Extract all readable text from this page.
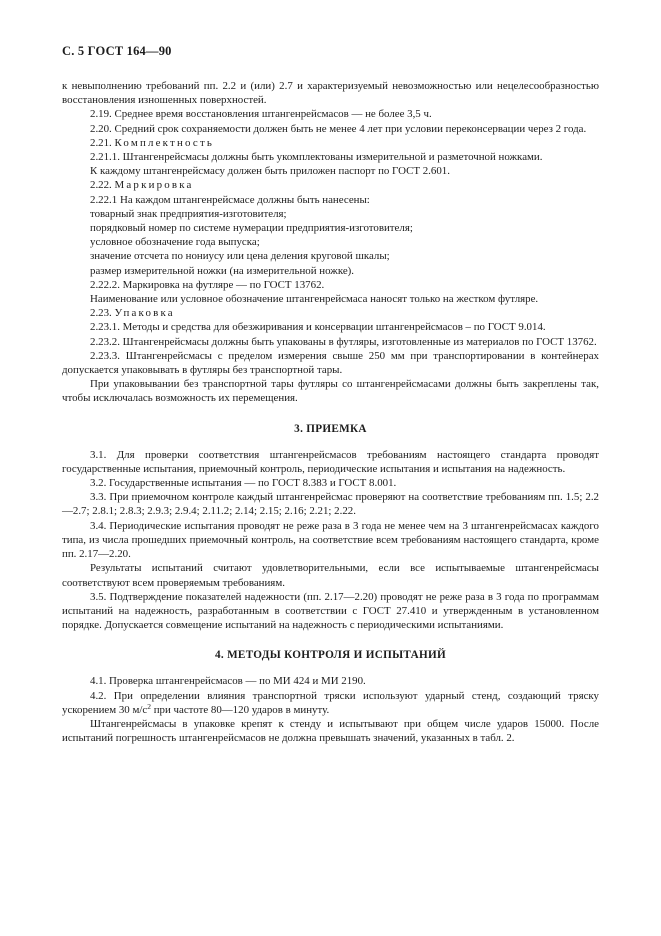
С. 5 ГОСТ 164—90

к невыполнению требований пп. 2.2 и (или) 2.7 и характеризуемый невозможностью или нецелесообразностью восстановления изношенных поверхностей.

2.19. Среднее время восстановления штангенрейсмасов — не более 3,5 ч.

2.20. Средний срок сохраняемости должен быть не менее 4 лет при условии переконсервации через 2 года.

2.21. Комплектность

2.21.1. Штангенрейсмасы должны быть укомплектованы измерительной и разметочной ножками.

К каждому штангенрейсмасу должен быть приложен паспорт по ГОСТ 2.601.

2.22. Маркировка

2.22.1 На каждом штангенрейсмасе должны быть нанесены:

товарный знак предприятия-изготовителя;

порядковый номер по системе нумерации предприятия-изготовителя;

условное обозначение года выпуска;

значение отсчета по нониусу или цена деления круговой шкалы;

размер измерительной ножки (на измерительной ножке).

2.22.2. Маркировка на футляре — по ГОСТ 13762.

Наименование или условное обозначение штангенрейсмаса наносят только на жестком футляре.

2.23. Упаковка

2.23.1. Методы и средства для обезжиривания и консервации штангенрейсмасов – по ГОСТ 9.014.

2.23.2. Штангенрейсмасы должны быть упакованы в футляры, изготовленные из материалов по ГОСТ 13762.

2.23.3. Штангенрейсмасы с пределом измерения свыше 250 мм при транспортировании в контейнерах допускается упаковывать в футляры без транспортной тары.

При упаковывании без транспортной тары футляры со штангенрейсмасами должны быть закреплены так, чтобы исключалась возможность их перемещения.

3. ПРИЕМКА

3.1. Для проверки соответствия штангенрейсмасов требованиям настоящего стандарта проводят государственные испытания, приемочный контроль, периодические испытания и испытания на надежность.

3.2. Государственные испытания — по ГОСТ 8.383 и ГОСТ 8.001.

3.3. При приемочном контроле каждый штангенрейсмас проверяют на соответствие требованиям пп. 1.5; 2.2—2.7; 2.8.1; 2.8.3; 2.9.3; 2.9.4; 2.11.2; 2.14; 2.15; 2.16; 2.21; 2.22.

3.4. Периодические испытания проводят не реже раза в 3 года не менее чем на 3 штангенрейсмасах каждого типа, из числа прошедших приемочный контроль, на соответствие всем требованиям настоящего стандарта, кроме пп. 2.17—2.20.

Результаты испытаний считают удовлетворительными, если все испытываемые штангенрейсмасы соответствуют всем проверяемым требованиям.

3.5. Подтверждение показателей надежности (пп. 2.17—2.20) проводят не реже раза в 3 года по программам испытаний на надежность, разработанным в соответствии с ГОСТ 27.410 и утвержденным в установленном порядке. Допускается совмещение испытаний на надежность с периодическими испытаниями.

4. МЕТОДЫ КОНТРОЛЯ И ИСПЫТАНИЙ

4.1. Проверка штангенрейсмасов — по МИ 424 и МИ 2190.

4.2. При определении влияния транспортной тряски используют ударный стенд, создающий тряску ускорением 30 $м/с^2$ при частоте 80—120 ударов в минуту.

Штангенрейсмасы в упаковке крепят к стенду и испытывают при общем числе ударов 15000. После испытаний погрешность штангенрейсмасов не должна превышать значений, указанных в табл. 2.
